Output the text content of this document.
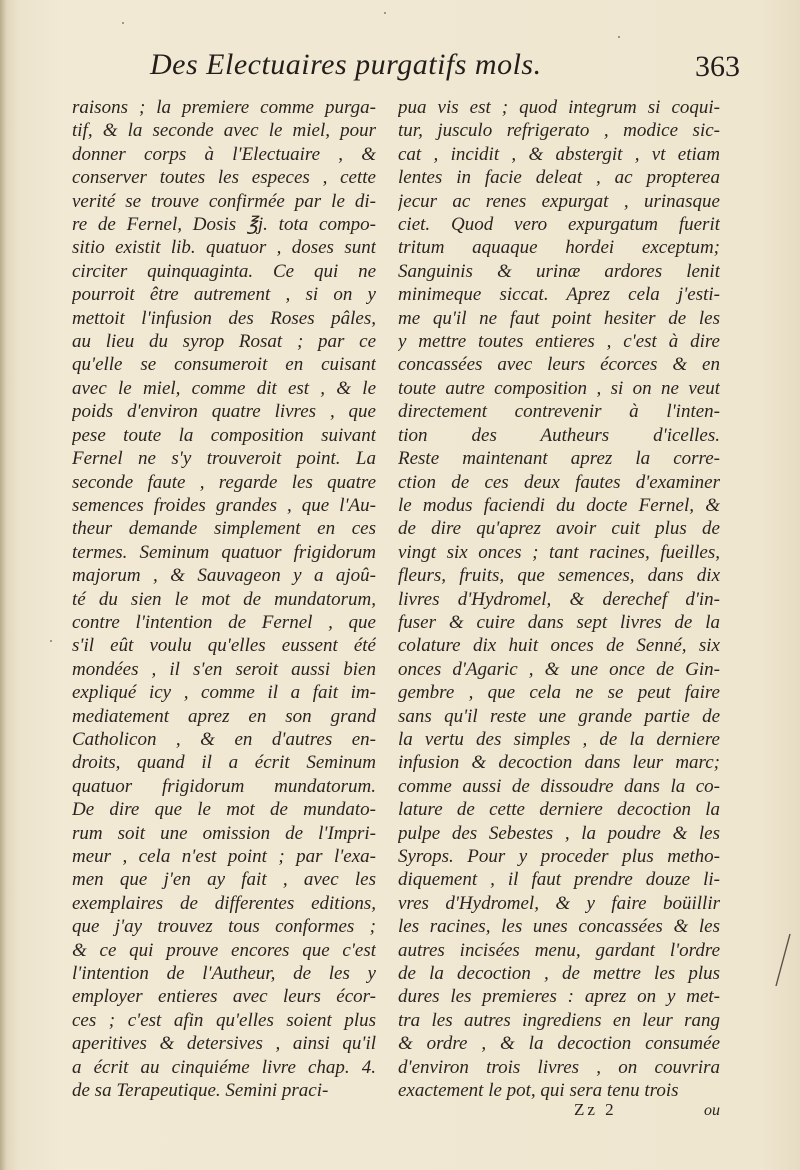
Des Electuaires purgatifs mols.	363
raisons ; la premiere comme purga-
tif, & la seconde avec le miel, pour
donner corps à l'Electuaire , &
conserver toutes les especes , cette
verité se trouve confirmée par le di-
re de Fernel, Dosis ℥j. tota compo-
sitio existit lib. quatuor , doses sunt
circiter quinquaginta. Ce qui ne
pourroit être autrement , si on y
mettoit l'infusion des Roses pâles,
au lieu du syrop Rosat ; par ce
qu'elle se consumeroit en cuisant
avec le miel, comme dit est , & le
poids d'environ quatre livres , que
pese toute la composition suivant
Fernel ne s'y trouveroit point. La
seconde faute , regarde les quatre
semences froides grandes , que l'Au-
theur demande simplement en ces
termes. Seminum quatuor frigidorum
majorum , & Sauvageon y a ajoû-
té du sien le mot de mundatorum,
contre l'intention de Fernel , que
s'il eût voulu qu'elles eussent été
mondées , il s'en seroit aussi bien
expliqué icy , comme il a fait im-
mediatement aprez en son grand
Catholicon , & en d'autres en-
droits, quand il a écrit Seminum
quatuor frigidorum mundatorum.
De dire que le mot de mundato-
rum soit une omission de l'Impri-
meur , cela n'est point ; par l'exa-
men que j'en ay fait , avec les
exemplaires de differentes editions,
que j'ay trouvez tous conformes ;
& ce qui prouve encores que c'est
l'intention de l'Autheur, de les y
employer entieres avec leurs écor-
ces ; c'est afin qu'elles soient plus
aperitives & detersives , ainsi qu'il
a écrit au cinquiéme livre chap. 4.
de sa Terapeutique. Semini praci-
pua vis est ; quod integrum si coqui-
tur, jusculo refrigerato , modice sic-
cat , incidit , & abstergit , vt etiam
lentes in facie deleat , ac propterea
jecur ac renes expurgat , urinasque
ciet. Quod vero expurgatum fuerit
tritum aquaque hordei exceptum;
Sanguinis & urinæ ardores lenit
minimeque siccat. Aprez cela j'esti-
me qu'il ne faut point hesiter de les
y mettre toutes entieres , c'est à dire
concassées avec leurs écorces & en
toute autre composition , si on ne veut
directement contrevenir à l'inten-
tion des Autheurs d'icelles.
Reste maintenant aprez la corre-
ction de ces deux fautes d'examiner
le modus faciendi du docte Fernel, &
de dire qu'aprez avoir cuit plus de
vingt six onces ; tant racines, fueilles,
fleurs, fruits, que semences, dans dix
livres d'Hydromel, & derechef d'in-
fuser & cuire dans sept livres de la
colature dix huit onces de Senné, six
onces d'Agaric , & une once de Gin-
gembre , que cela ne se peut faire
sans qu'il reste une grande partie de
la vertu des simples , de la derniere
infusion & decoction dans leur marc;
comme aussi de dissoudre dans la co-
lature de cette derniere decoction la
pulpe des Sebestes , la poudre & les
Syrops. Pour y proceder plus metho-
diquement , il faut prendre douze li-
vres d'Hydromel, & y faire boüillir
les racines, les unes concassées & les
autres incisées menu, gardant l'ordre
de la decoction , de mettre les plus
dures les premieres : aprez on y met-
tra les autres ingrediens en leur rang
& ordre , & la decoction consumée
d'environ trois livres , on couvrira
exactement le pot, qui sera tenu trois
Zz 2	ou
